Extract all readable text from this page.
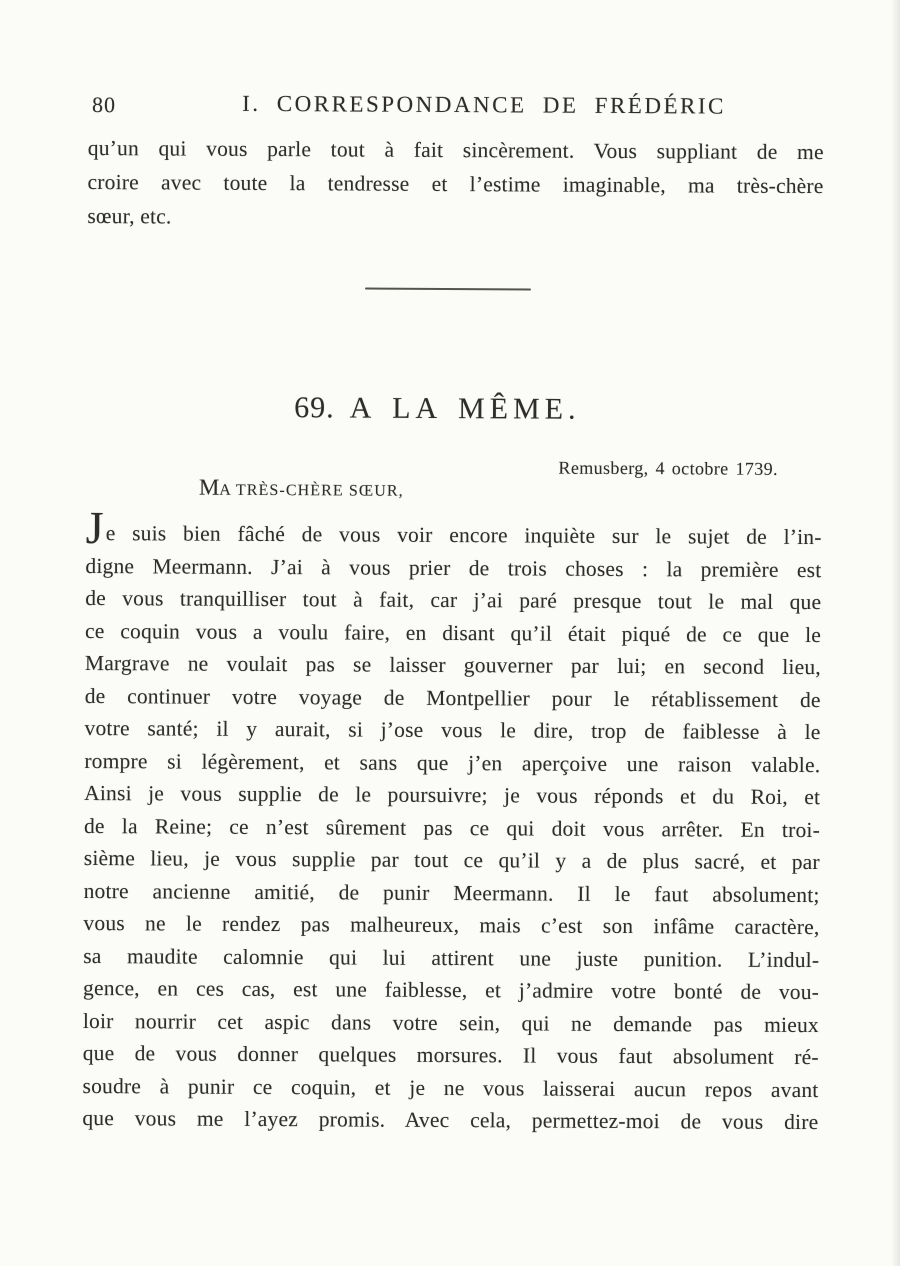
80	I. CORRESPONDANCE DE FRÉDÉRIC
qu’un qui vous parle tout à fait sincèrement. Vous suppliant de me
croire avec toute la tendresse et l’estime imaginable, ma très-chère
sœur, etc.
69. A LA MÊME.
Remusberg, 4 octobre 1739.
MA TRÈS-CHÈRE SŒUR,
Je suis bien fâché de vous voir encore inquiète sur le sujet de l’in-
digne Meermann. J’ai à vous prier de trois choses : la première est
de vous tranquilliser tout à fait, car j’ai paré presque tout le mal que
ce coquin vous a voulu faire, en disant qu’il était piqué de ce que le
Margrave ne voulait pas se laisser gouverner par lui; en second lieu,
de continuer votre voyage de Montpellier pour le rétablissement de
votre santé; il y aurait, si j’ose vous le dire, trop de faiblesse à le
rompre si légèrement, et sans que j’en aperçoive une raison valable.
Ainsi je vous supplie de le poursuivre; je vous réponds et du Roi, et
de la Reine; ce n’est sûrement pas ce qui doit vous arrêter. En troi-
sième lieu, je vous supplie par tout ce qu’il y a de plus sacré, et par
notre ancienne amitié, de punir Meermann. Il le faut absolument;
vous ne le rendez pas malheureux, mais c’est son infâme caractère,
sa maudite calomnie qui lui attirent une juste punition. L’indul-
gence, en ces cas, est une faiblesse, et j’admire votre bonté de vou-
loir nourrir cet aspic dans votre sein, qui ne demande pas mieux
que de vous donner quelques morsures. Il vous faut absolument ré-
soudre à punir ce coquin, et je ne vous laisserai aucun repos avant
que vous me l’ayez promis. Avec cela, permettez-moi de vous dire
